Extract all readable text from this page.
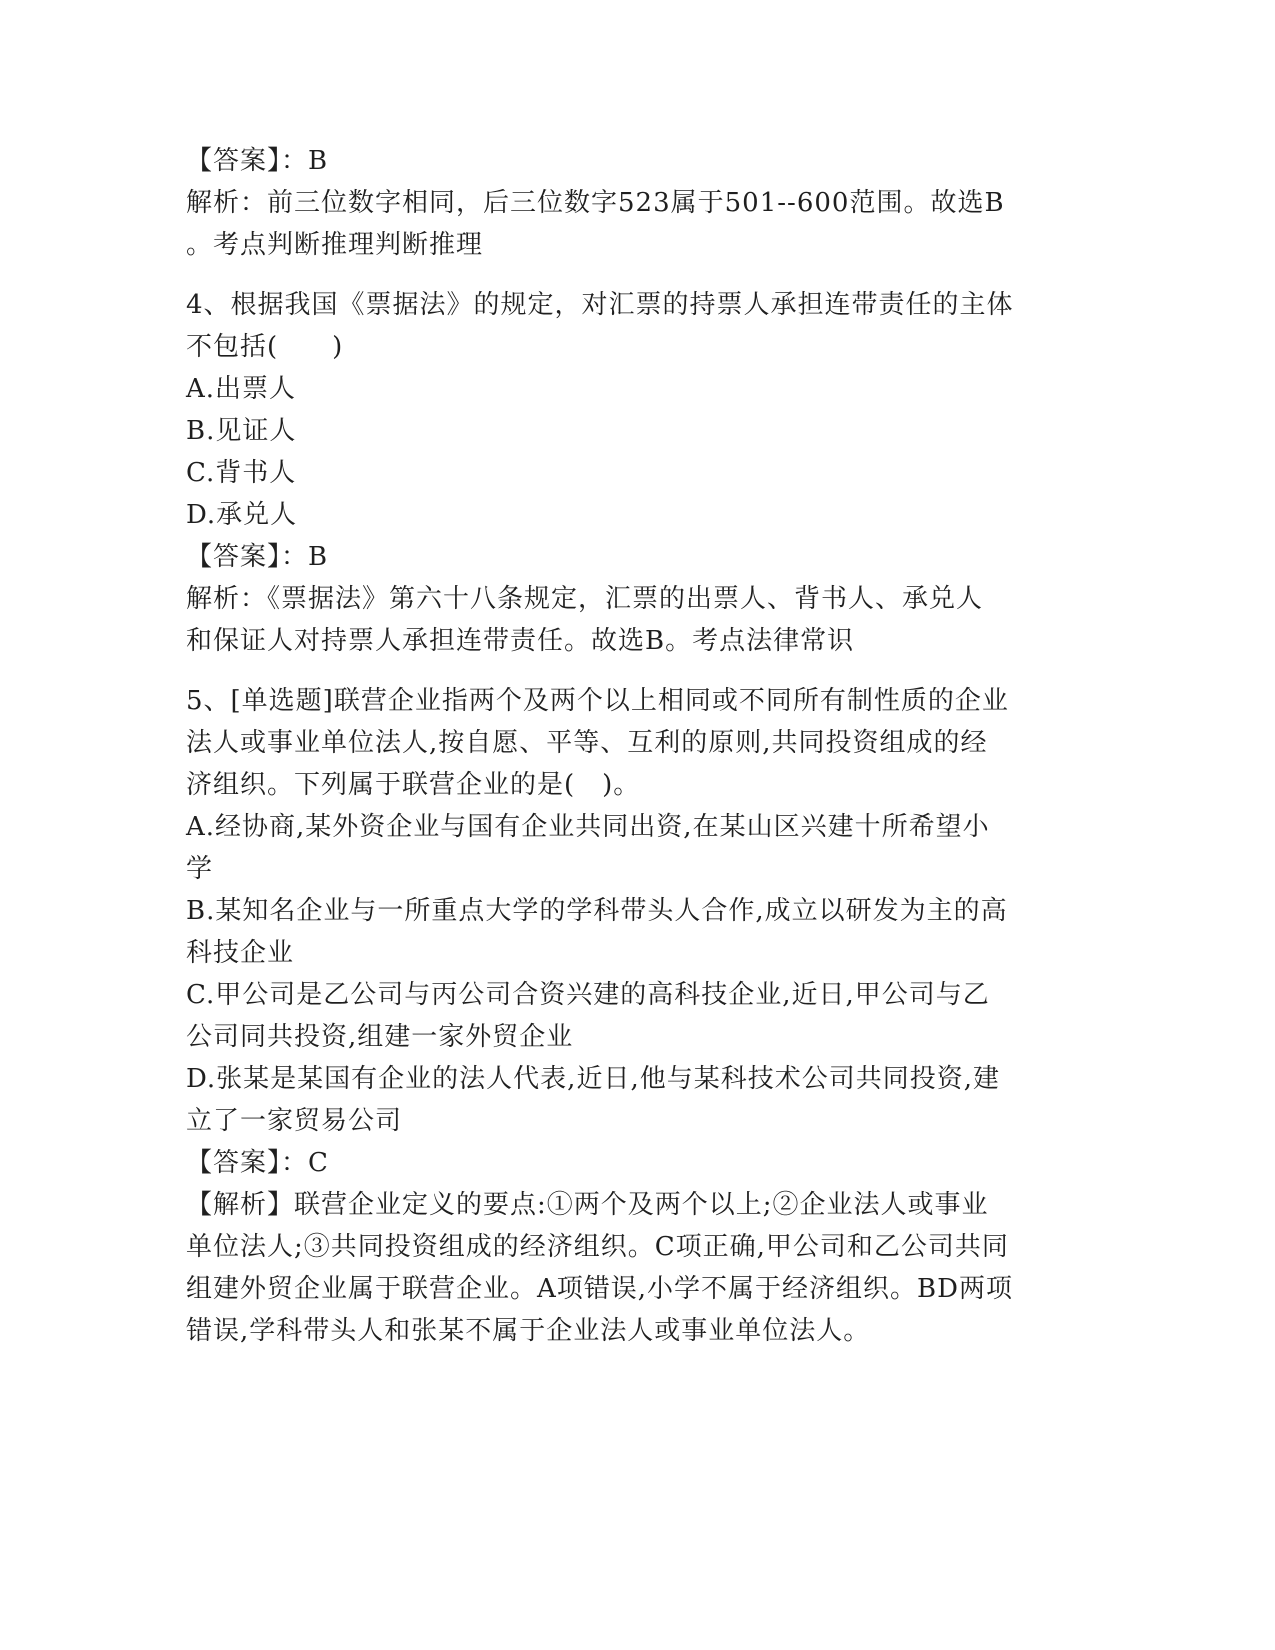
【答案】：B
解析：前三位数字相同，后三位数字523属于501--600范围。故选B
。考点判断推理判断推理
4、根据我国《票据法》的规定，对汇票的持票人承担连带责任的主体
不包括(　　)
A.出票人
B.见证人
C.背书人
D.承兑人
【答案】：B
解析：《票据法》第六十八条规定，汇票的出票人、背书人、承兑人
和保证人对持票人承担连带责任。故选B。考点法律常识
5、[单选题]联营企业指两个及两个以上相同或不同所有制性质的企业
法人或事业单位法人,按自愿、平等、互利的原则,共同投资组成的经
济组织。下列属于联营企业的是(　)。
A.经协商,某外资企业与国有企业共同出资,在某山区兴建十所希望小
学
B.某知名企业与一所重点大学的学科带头人合作,成立以研发为主的高
科技企业
C.甲公司是乙公司与丙公司合资兴建的高科技企业,近日,甲公司与乙
公司同共投资,组建一家外贸企业
D.张某是某国有企业的法人代表,近日,他与某科技术公司共同投资,建
立了一家贸易公司
【答案】：C
【解析】联营企业定义的要点:①两个及两个以上;②企业法人或事业
单位法人;③共同投资组成的经济组织。C项正确,甲公司和乙公司共同
组建外贸企业属于联营企业。A项错误,小学不属于经济组织。BD两项
错误,学科带头人和张某不属于企业法人或事业单位法人。
